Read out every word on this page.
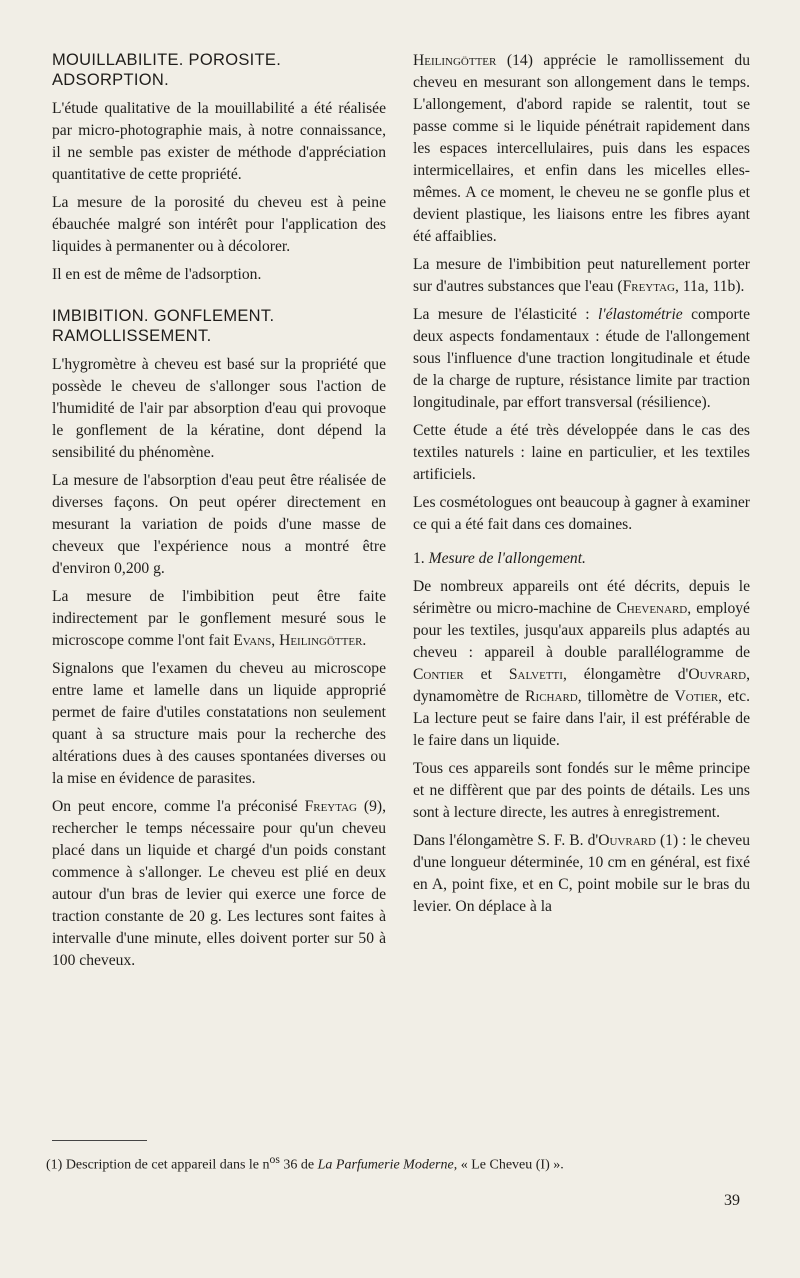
MOUILLABILITE. POROSITE.
ADSORPTION.

L'étude qualitative de la mouillabilité a été réalisée par micro-photographie mais, à notre connaissance, il ne semble pas exister de méthode d'appréciation quantitative de cette propriété.

La mesure de la porosité du cheveu est à peine ébauchée malgré son intérêt pour l'application des liquides à permanenter ou à décolorer.

Il en est de même de l'adsorption.

IMBIBITION. GONFLEMENT.
RAMOLLISSEMENT.

L'hygromètre à cheveu est basé sur la propriété que possède le cheveu de s'allonger sous l'action de l'humidité de l'air par absorption d'eau qui provoque le gonflement de la kératine, dont dépend la sensibilité du phénomène.

La mesure de l'absorption d'eau peut être réalisée de diverses façons. On peut opérer directement en mesurant la variation de poids d'une masse de cheveux que l'expérience nous a montré être d'environ 0,200 g.

La mesure de l'imbibition peut être faite indirectement par le gonflement mesuré sous le microscope comme l'ont fait Evans, Heilingötter.

Signalons que l'examen du cheveu au microscope entre lame et lamelle dans un liquide approprié permet de faire d'utiles constatations non seulement quant à sa structure mais pour la recherche des altérations dues à des causes spontanées diverses ou la mise en évidence de parasites.

On peut encore, comme l'a préconisé Freytag (9), rechercher le temps nécessaire pour qu'un cheveu placé dans un liquide et chargé d'un poids constant commence à s'allonger. Le cheveu est plié en deux autour d'un bras de levier qui exerce une force de traction constante de 20 g. Les lectures sont faites à intervalle d'une minute, elles doivent porter sur 50 à 100 cheveux.

Heilingötter (14) apprécie le ramollissement du cheveu en mesurant son allongement dans le temps. L'allongement, d'abord rapide se ralentit, tout se passe comme si le liquide pénétrait rapidement dans les espaces intercellulaires, puis dans les espaces intermicellaires, et enfin dans les micelles elles-mêmes. A ce moment, le cheveu ne se gonfle plus et devient plastique, les liaisons entre les fibres ayant été affaiblies.

La mesure de l'imbibition peut naturellement porter sur d'autres substances que l'eau (Freytag, 11a, 11b).

La mesure de l'élasticité : l'élastométrie comporte deux aspects fondamentaux : étude de l'allongement sous l'influence d'une traction longitudinale et étude de la charge de rupture, résistance limite par traction longitudinale, par effort transversal (résilience).

Cette étude a été très développée dans le cas des textiles naturels : laine en particulier, et les textiles artificiels.

Les cosmétologues ont beaucoup à gagner à examiner ce qui a été fait dans ces domaines.

1. Mesure de l'allongement.

De nombreux appareils ont été décrits, depuis le sérimètre ou micro-machine de Chevenard, employé pour les textiles, jusqu'aux appareils plus adaptés au cheveu : appareil à double parallélogramme de Contier et Salvetti, élongamètre d'Ouvrard, dynamomètre de Richard, tillomètre de Votier, etc. La lecture peut se faire dans l'air, il est préférable de le faire dans un liquide.

Tous ces appareils sont fondés sur le même principe et ne diffèrent que par des points de détails. Les uns sont à lecture directe, les autres à enregistrement.

Dans l'élongamètre S. F. B. d'Ouvrard (1) : le cheveu d'une longueur déterminée, 10 cm en général, est fixé en A, point fixe, et en C, point mobile sur le bras du levier. On déplace à la

(1) Description de cet appareil dans le $n^{os}$ 36 de La Parfumerie Moderne, « Le Cheveu (I) ».
39
